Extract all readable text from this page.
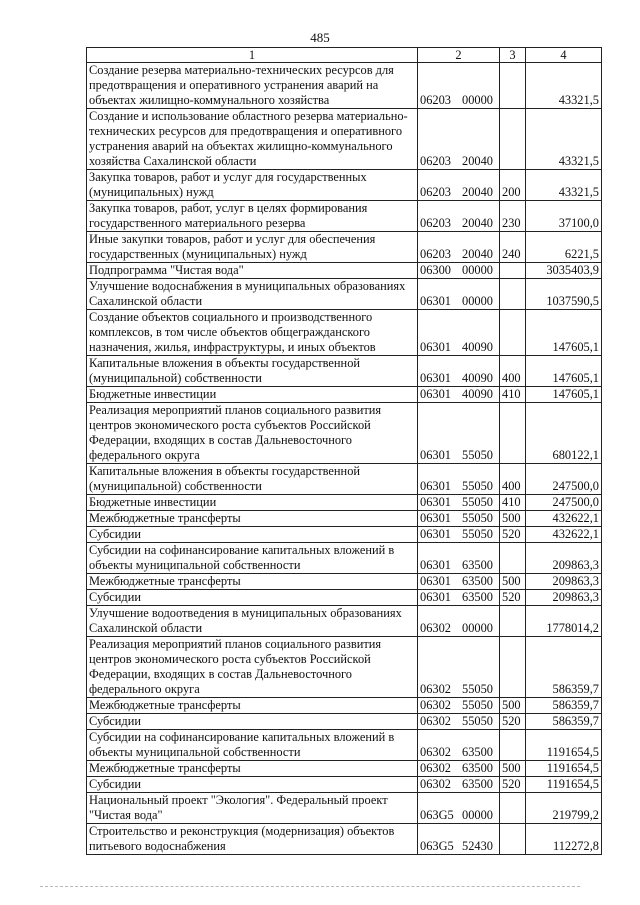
485
1	2	3	4
Создание резерва материально-технических ресурсов для предотвращения и оперативного устранения аварий на объектах жилищно-коммунального хозяйства	06203 00000		43321,5
Создание и использование областного резерва материально-технических ресурсов для предотвращения и оперативного устранения аварий на объектах жилищно-коммунального хозяйства Сахалинской области	06203 20040		43321,5
Закупка товаров, работ и услуг для государственных (муниципальных) нужд	06203 20040	200	43321,5
Закупка товаров, работ, услуг в целях формирования государственного материального резерва	06203 20040	230	37100,0
Иные закупки товаров, работ и услуг для обеспечения государственных (муниципальных) нужд	06203 20040	240	6221,5
Подпрограмма "Чистая вода"	06300 00000		3035403,9
Улучшение водоснабжения в муниципальных образованиях Сахалинской области	06301 00000		1037590,5
Создание объектов социального и производственного комплексов, в том числе объектов общегражданского назначения, жилья, инфраструктуры, и иных объектов	06301 40090		147605,1
Капитальные вложения в объекты государственной (муниципальной) собственности	06301 40090	400	147605,1
Бюджетные инвестиции	06301 40090	410	147605,1
Реализация мероприятий планов социального развития центров экономического роста субъектов Российской Федерации, входящих в состав Дальневосточного федерального округа	06301 55050		680122,1
Капитальные вложения в объекты государственной (муниципальной) собственности	06301 55050	400	247500,0
Бюджетные инвестиции	06301 55050	410	247500,0
Межбюджетные трансферты	06301 55050	500	432622,1
Субсидии	06301 55050	520	432622,1
Субсидии на софинансирование капитальных вложений в объекты муниципальной собственности	06301 63500		209863,3
Межбюджетные трансферты	06301 63500	500	209863,3
Субсидии	06301 63500	520	209863,3
Улучшение водоотведения в муниципальных образованиях Сахалинской области	06302 00000		1778014,2
Реализация мероприятий планов социального развития центров экономического роста субъектов Российской Федерации, входящих в состав Дальневосточного федерального округа	06302 55050		586359,7
Межбюджетные трансферты	06302 55050	500	586359,7
Субсидии	06302 55050	520	586359,7
Субсидии на софинансирование капитальных вложений в объекты муниципальной собственности	06302 63500		1191654,5
Межбюджетные трансферты	06302 63500	500	1191654,5
Субсидии	06302 63500	520	1191654,5
Национальный проект "Экология". Федеральный проект "Чистая вода"	063G5 00000		219799,2
Строительство и реконструкция (модернизация) объектов питьевого водоснабжения	063G5 52430		112272,8
